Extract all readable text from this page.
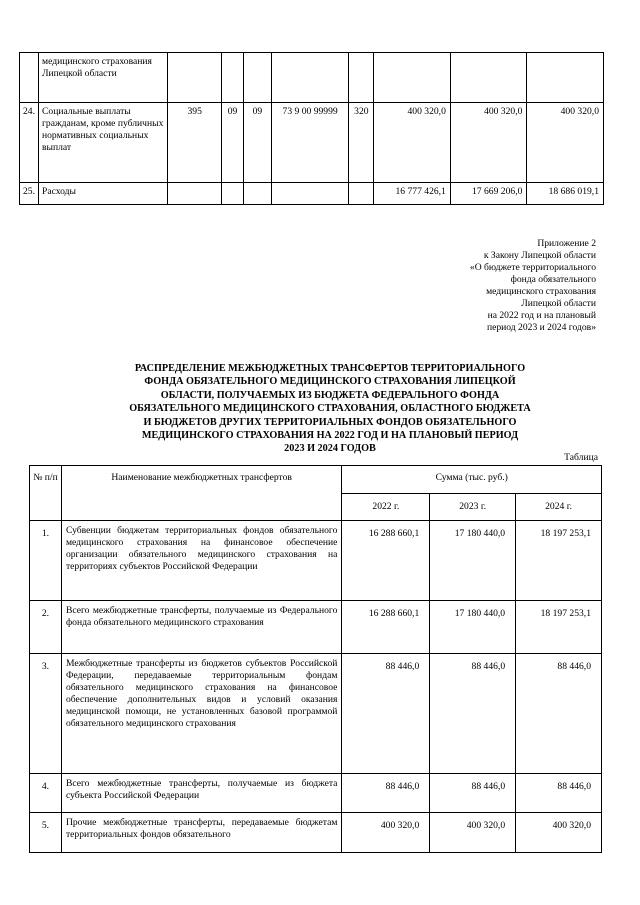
	медицинского страхования Липецкой области								
24.	Социальные выплаты гражданам, кроме публичных нормативных социальных выплат	395	09	09	73 9 00 99999	320	400 320,0	400 320,0	400 320,0
25.	Расходы						16 777 426,1	17 669 206,0	18 686 019,1
Приложение 2
к Закону Липецкой области
«О бюджете территориального
фонда обязательного
медицинского страхования
Липецкой области
на 2022 год и на плановый
период 2023 и 2024 годов»
РАСПРЕДЕЛЕНИЕ МЕЖБЮДЖЕТНЫХ ТРАНСФЕРТОВ ТЕРРИТОРИАЛЬНОГО
ФОНДА ОБЯЗАТЕЛЬНОГО МЕДИЦИНСКОГО СТРАХОВАНИЯ ЛИПЕЦКОЙ
ОБЛАСТИ, ПОЛУЧАЕМЫХ ИЗ БЮДЖЕТА ФЕДЕРАЛЬНОГО ФОНДА
ОБЯЗАТЕЛЬНОГО МЕДИЦИНСКОГО СТРАХОВАНИЯ, ОБЛАСТНОГО БЮДЖЕТА
И БЮДЖЕТОВ ДРУГИХ ТЕРРИТОРИАЛЬНЫХ ФОНДОВ ОБЯЗАТЕЛЬНОГО
МЕДИЦИНСКОГО СТРАХОВАНИЯ НА 2022 ГОД И НА ПЛАНОВЫЙ ПЕРИОД
2023 И 2024 ГОДОВ
Таблица
№ п/п	Наименование межбюджетных трансфертов	Сумма (тыс. руб.)		
		2022 г.	2023 г.	2024 г.
1.	Субвенции бюджетам территориальных фондов обязательного медицинского страхования на финансовое обеспечение организации обязательного медицинского страхования на территориях субъектов Российской Федерации	16 288 660,1	17 180 440,0	18 197 253,1
2.	Всего межбюджетные трансферты, получаемые из Федерального фонда обязательного медицинского страхования	16 288 660,1	17 180 440,0	18 197 253,1
3.	Межбюджетные трансферты из бюджетов субъектов Российской Федерации, передаваемые территориальным фондам обязательного медицинского страхования на финансовое обеспечение дополнительных видов и условий оказания медицинской помощи, не установленных базовой программой обязательного медицинского страхования	88 446,0	88 446,0	88 446,0
4.	Всего межбюджетные трансферты, получаемые из бюджета субъекта Российской Федерации	88 446,0	88 446,0	88 446,0
5.	Прочие межбюджетные трансферты, передаваемые бюджетам территориальных фондов обязательного	400 320,0	400 320,0	400 320,0
